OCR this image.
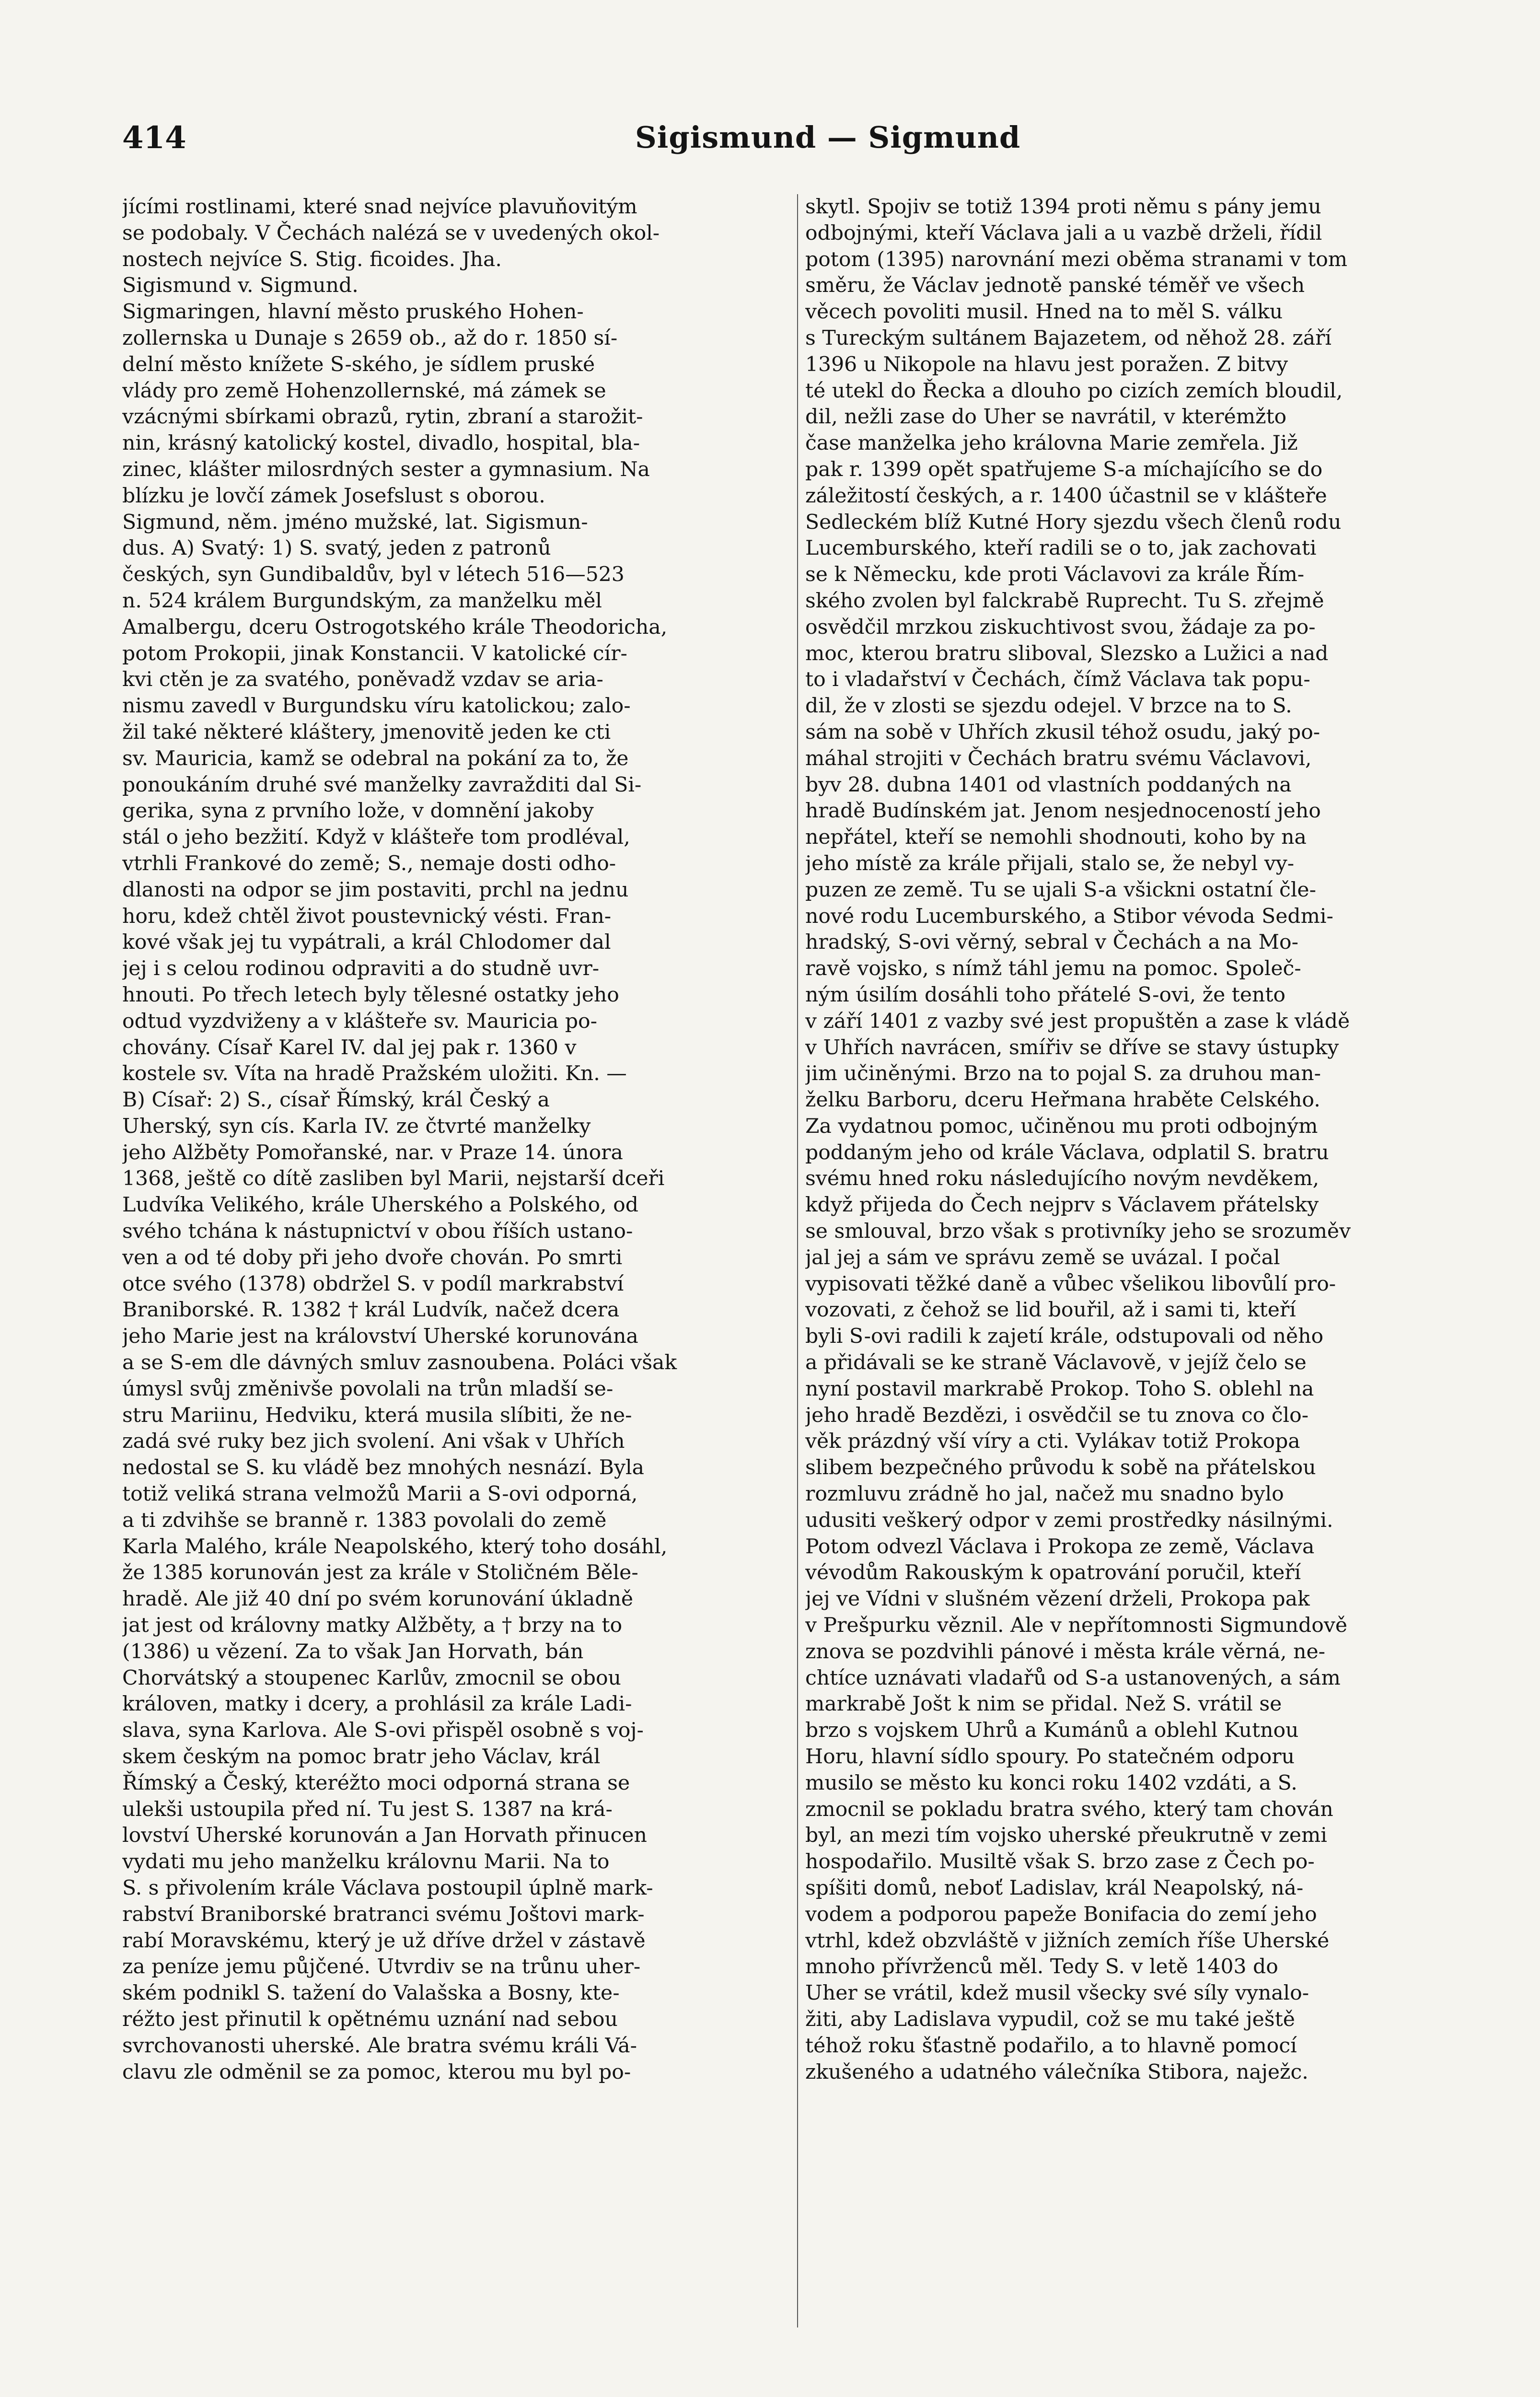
414	Sigismund — Sigmund
jícími rostlinami, které snad nejvíce plavuňovitým
se podobaly. V Čechách nalézá se v uvedených okol-
nostech nejvíce S. Stig. ficoides. Jha.
Sigismund v. Sigmund.
Sigmaringen, hlavní město pruského Hohen-
zollernska u Dunaje s 2659 ob., až do r. 1850 sí-
delní město knížete S-ského, je sídlem pruské
vlády pro země Hohenzollernské, má zámek se
vzácnými sbírkami obrazů, rytin, zbraní a starožit-
nin, krásný katolický kostel, divadlo, hospital, bla-
zinec, klášter milosrdných sester a gymnasium. Na
blízku je lovčí zámek Josefslust s oborou.
Sigmund, něm. jméno mužské, lat. Sigismun-
dus. A) Svatý: 1) S. svatý, jeden z patronů
českých, syn Gundibaldův, byl v létech 516—523
n. 524 králem Burgundským, za manželku měl
Amalbergu, dceru Ostrogotského krále Theodoricha,
potom Prokopii, jinak Konstancii. V katolické cír-
kvi ctěn je za svatého, poněvadž vzdav se aria-
nismu zavedl v Burgundsku víru katolickou; zalo-
žil také některé kláštery, jmenovitě jeden ke cti
sv. Mauricia, kamž se odebral na pokání za to, že
ponoukáním druhé své manželky zavražditi dal Si-
gerika, syna z prvního lože, v domnění jakoby
stál o jeho bezžití. Když v klášteře tom prodléval,
vtrhli Frankové do země; S., nemaje dosti odho-
dlanosti na odpor se jim postaviti, prchl na jednu
horu, kdež chtěl život poustevnický vésti. Fran-
kové však jej tu vypátrali, a král Chlodomer dal
jej i s celou rodinou odpraviti a do studně uvr-
hnouti. Po třech letech byly tělesné ostatky jeho
odtud vyzdviženy a v klášteře sv. Mauricia po-
chovány. Císař Karel IV. dal jej pak r. 1360 v
kostele sv. Víta na hradě Pražském uložiti. Kn. —
B) Císař: 2) S., císař Římský, král Český a
Uherský, syn cís. Karla IV. ze čtvrté manželky
jeho Alžběty Pomořanské, nar. v Praze 14. února
1368, ještě co dítě zasliben byl Marii, nejstarší dceři
Ludvíka Velikého, krále Uherského a Polského, od
svého tchána k nástupnictví v obou říších ustano-
ven a od té doby při jeho dvoře chován. Po smrti
otce svého (1378) obdržel S. v podíl markrabství
Braniborské. R. 1382 † král Ludvík, načež dcera
jeho Marie jest na království Uherské korunována
a se S-em dle dávných smluv zasnoubena. Poláci však
úmysl svůj změnivše povolali na trůn mladší se-
stru Mariinu, Hedviku, která musila slíbiti, že ne-
zadá své ruky bez jich svolení. Ani však v Uhřích
nedostal se S. ku vládě bez mnohých nesnází. Byla
totiž veliká strana velmožů Marii a S-ovi odporná,
a ti zdvihše se branně r. 1383 povolali do země
Karla Malého, krále Neapolského, který toho dosáhl,
že 1385 korunován jest za krále v Stoličném Běle-
hradě. Ale již 40 dní po svém korunování úkladně
jat jest od královny matky Alžběty, a † brzy na to
(1386) u vězení. Za to však Jan Horvath, bán
Chorvátský a stoupenec Karlův, zmocnil se obou
královen, matky i dcery, a prohlásil za krále Ladi-
slava, syna Karlova. Ale S-ovi přispěl osobně s voj-
skem českým na pomoc bratr jeho Václav, král
Římský a Český, kteréžto moci odporná strana se
ulekši ustoupila před ní. Tu jest S. 1387 na krá-
lovství Uherské korunován a Jan Horvath přinucen
vydati mu jeho manželku královnu Marii. Na to
S. s přivolením krále Václava postoupil úplně mark-
rabství Braniborské bratranci svému Joštovi mark-
rabí Moravskému, který je už dříve držel v zástavě
za peníze jemu půjčené. Utvrdiv se na trůnu uher-
ském podnikl S. tažení do Valašska a Bosny, kte-
réžto jest přinutil k opětnému uznání nad sebou
svrchovanosti uherské. Ale bratra svému králi Vá-
clavu zle odměnil se za pomoc, kterou mu byl po-
skytl. Spojiv se totiž 1394 proti němu s pány jemu
odbojnými, kteří Václava jali a u vazbě drželi, řídil
potom (1395) narovnání mezi oběma stranami v tom
směru, že Václav jednotě panské téměř ve všech
věcech povoliti musil. Hned na to měl S. válku
s Tureckým sultánem Bajazetem, od něhož 28. září
1396 u Nikopole na hlavu jest poražen. Z bitvy
té utekl do Řecka a dlouho po cizích zemích bloudil,
dil, nežli zase do Uher se navrátil, v kterémžto
čase manželka jeho královna Marie zemřela. Již
pak r. 1399 opět spatřujeme S-a míchajícího se do
záležitostí českých, a r. 1400 účastnil se v klášteře
Sedleckém blíž Kutné Hory sjezdu všech členů rodu
Lucemburského, kteří radili se o to, jak zachovati
se k Německu, kde proti Václavovi za krále Řím-
ského zvolen byl falckrabě Ruprecht. Tu S. zřejmě
osvědčil mrzkou ziskuchtivost svou, žádaje za po-
moc, kterou bratru sliboval, Slezsko a Lužici a nad
to i vladařství v Čechách, čímž Václava tak popu-
dil, že v zlosti se sjezdu odejel. V brzce na to S.
sám na sobě v Uhřích zkusil téhož osudu, jaký po-
máhal strojiti v Čechách bratru svému Václavovi,
byv 28. dubna 1401 od vlastních poddaných na
hradě Budínském jat. Jenom nesjednoceností jeho
nepřátel, kteří se nemohli shodnouti, koho by na
jeho místě za krále přijali, stalo se, že nebyl vy-
puzen ze země. Tu se ujali S-a všickni ostatní čle-
nové rodu Lucemburského, a Stibor vévoda Sedmi-
hradský, S-ovi věrný, sebral v Čechách a na Mo-
ravě vojsko, s nímž táhl jemu na pomoc. Společ-
ným úsilím dosáhli toho přátelé S-ovi, že tento
v září 1401 z vazby své jest propuštěn a zase k vládě
v Uhřích navrácen, smířiv se dříve se stavy ústupky
jim učiněnými. Brzo na to pojal S. za druhou man-
želku Barboru, dceru Heřmana hraběte Celského.
Za vydatnou pomoc, učiněnou mu proti odbojným
poddaným jeho od krále Václava, odplatil S. bratru
svému hned roku následujícího novým nevděkem,
když přijeda do Čech nejprv s Václavem přátelsky
se smlouval, brzo však s protivníky jeho se srozuměv
jal jej a sám ve správu země se uvázal. I počal
vypisovati těžké daně a vůbec všelikou libovůlí pro-
vozovati, z čehož se lid bouřil, až i sami ti, kteří
byli S-ovi radili k zajetí krále, odstupovali od něho
a přidávali se ke straně Václavově, v jejíž čelo se
nyní postavil markrabě Prokop. Toho S. oblehl na
jeho hradě Bezdězi, i osvědčil se tu znova co člo-
věk prázdný vší víry a cti. Vylákav totiž Prokopa
slibem bezpečného průvodu k sobě na přátelskou
rozmluvu zrádně ho jal, načež mu snadno bylo
udusiti veškerý odpor v zemi prostředky násilnými.
Potom odvezl Václava i Prokopa ze země, Václava
vévodům Rakouským k opatrování poručil, kteří
jej ve Vídni v slušném vězení drželi, Prokopa pak
v Prešpurku věznil. Ale v nepřítomnosti Sigmundově
znova se pozdvihli pánové i města krále věrná, ne-
chtíce uznávati vladařů od S-a ustanovených, a sám
markrabě Jošt k nim se přidal. Než S. vrátil se
brzo s vojskem Uhrů a Kumánů a oblehl Kutnou
Horu, hlavní sídlo spoury. Po statečném odporu
musilo se město ku konci roku 1402 vzdáti, a S.
zmocnil se pokladu bratra svého, který tam chován
byl, an mezi tím vojsko uherské přeukrutně v zemi
hospodařilo. Musiltě však S. brzo zase z Čech po-
spíšiti domů, neboť Ladislav, král Neapolský, ná-
vodem a podporou papeže Bonifacia do zemí jeho
vtrhl, kdež obzvláště v jižních zemích říše Uherské
mnoho přívrženců měl. Tedy S. v letě 1403 do
Uher se vrátil, kdež musil všecky své síly vynalo-
žiti, aby Ladislava vypudil, což se mu také ještě
téhož roku šťastně podařilo, a to hlavně pomocí
zkušeného a udatného válečníka Stibora, naježc.
